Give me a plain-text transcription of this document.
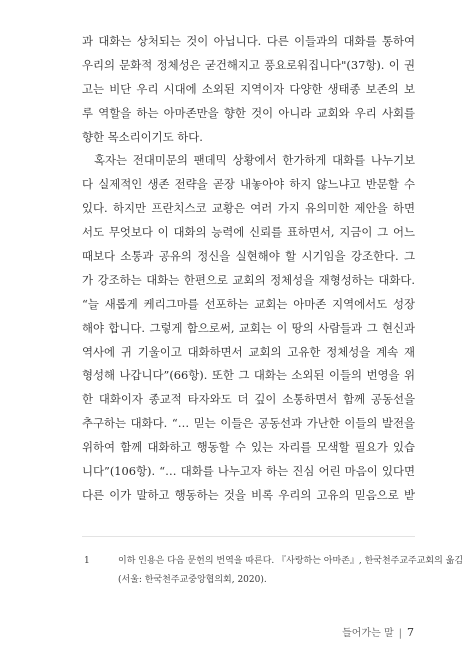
과 대화는 상처되는 것이 아닙니다. 다른 이들과의 대화를 통하여
우리의 문화적 정체성은 굳건해지고 풍요로워집니다"(37항). 이 권
고는 비단 우리 시대에 소외된 지역이자 다양한 생태종 보존의 보
루 역할을 하는 아마존만을 향한 것이 아니라 교회와 우리 사회를
향한 목소리이기도 하다.
혹자는 전대미문의 팬데믹 상황에서 한가하게 대화를 나누기보
다 실제적인 생존 전략을 곧장 내놓아야 하지 않느냐고 반문할 수
있다. 하지만 프란치스코 교황은 여러 가지 유의미한 제안을 하면
서도 무엇보다 이 대화의 능력에 신뢰를 표하면서, 지금이 그 어느
때보다 소통과 공유의 정신을 실현해야 할 시기임을 강조한다. 그
가 강조하는 대화는 한편으로 교회의 정체성을 재형성하는 대화다.
“늘 새롭게 케리그마를 선포하는 교회는 아마존 지역에서도 성장
해야 합니다. 그렇게 함으로써, 교회는 이 땅의 사람들과 그 현신과
역사에 귀 기울이고 대화하면서 교회의 고유한 정체성을 계속 재
형성해 나갑니다”(66항). 또한 그 대화는 소외된 이들의 번영을 위
한 대화이자 종교적 타자와도 더 깊이 소통하면서 함께 공동선을
추구하는 대화다. “… 믿는 이들은 공동선과 가난한 이들의 발전을
위하여 함께 대화하고 행동할 수 있는 자리를 모색할 필요가 있습
니다”(106항). “… 대화를 나누고자 하는 진심 어린 마음이 있다면
다른 이가 말하고 행동하는 것을 비록 우리의 고유의 믿음으로 받
1	이하 인용은 다음 문헌의 번역을 따른다. 『사랑하는 아마존』, 한국천주교주교회의 옮김
(서울: 한국천주교중앙협의회, 2020).
들어가는 말 | 7
